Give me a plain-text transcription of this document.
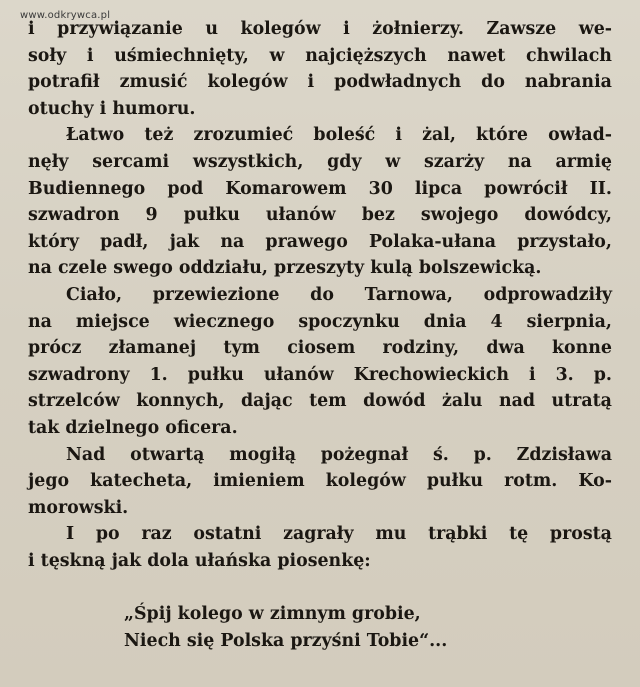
www.odkrywca.pl
i przywiązanie u kolegów i żołnierzy. Zawsze we-
soły i uśmiechnięty, w najcięższych nawet chwilach
potrafił zmusić kolegów i podwładnych do nabrania
otuchy i humoru.
Łatwo też zrozumieć boleść i żal, które owład-
nęły sercami wszystkich, gdy w szarży na armię
Budiennego pod Komarowem 30 lipca powrócił II.
szwadron 9 pułku ułanów bez swojego dowódcy,
który padł, jak na prawego Polaka-ułana przystało,
na czele swego oddziału, przeszyty kulą bolszewicką.
Ciało, przewiezione do Tarnowa, odprowadziły
na miejsce wiecznego spoczynku dnia 4 sierpnia,
prócz złamanej tym ciosem rodziny, dwa konne
szwadrony 1. pułku ułanów Krechowieckich i 3. p.
strzelców konnych, dając tem dowód żalu nad utratą
tak dzielnego oficera.
Nad otwartą mogiłą pożegnał ś. p. Zdzisława
jego katecheta, imieniem kolegów pułku rotm. Ko-
morowski.
I po raz ostatni zagrały mu trąbki tę prostą
i tęskną jak dola ułańska piosenkę:
„Śpij kolego w zimnym grobie,
Niech się Polska przyśni Tobie“...
